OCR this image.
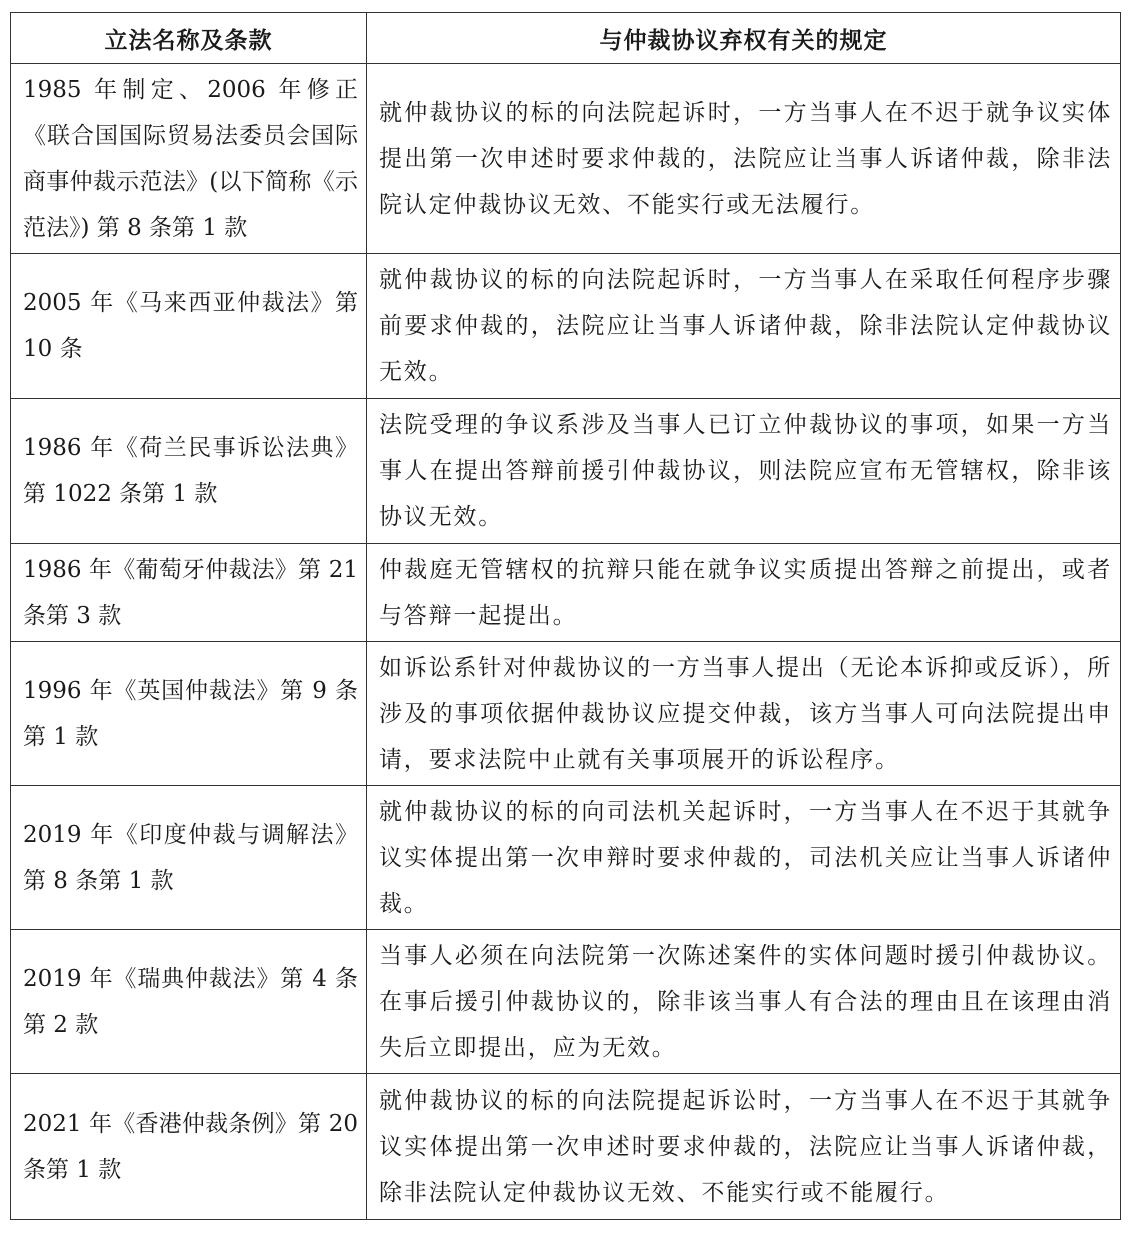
立法名称及条款	与仲裁协议弃权有关的规定
1985 年制定、2006 年修正《联合国国际贸易法委员会国际商事仲裁示范法》(以下简称《示范法》) 第 8 条第 1 款	就仲裁协议的标的向法院起诉时，一方当事人在不迟于就争议实体提出第一次申述时要求仲裁的，法院应让当事人诉诸仲裁，除非法院认定仲裁协议无效、不能实行或无法履行。
2005 年《马来西亚仲裁法》第 10 条	就仲裁协议的标的向法院起诉时，一方当事人在采取任何程序步骤前要求仲裁的，法院应让当事人诉诸仲裁，除非法院认定仲裁协议无效。
1986 年《荷兰民事诉讼法典》第 1022 条第 1 款	法院受理的争议系涉及当事人已订立仲裁协议的事项，如果一方当事人在提出答辩前援引仲裁协议，则法院应宣布无管辖权，除非该协议无效。
1986 年《葡萄牙仲裁法》第 21 条第 3 款	仲裁庭无管辖权的抗辩只能在就争议实质提出答辩之前提出，或者与答辩一起提出。
1996 年《英国仲裁法》第 9 条第 1 款	如诉讼系针对仲裁协议的一方当事人提出（无论本诉抑或反诉），所涉及的事项依据仲裁协议应提交仲裁，该方当事人可向法院提出申请，要求法院中止就有关事项展开的诉讼程序。
2019 年《印度仲裁与调解法》第 8 条第 1 款	就仲裁协议的标的向司法机关起诉时，一方当事人在不迟于其就争议实体提出第一次申辩时要求仲裁的，司法机关应让当事人诉诸仲裁。
2019 年《瑞典仲裁法》第 4 条第 2 款	当事人必须在向法院第一次陈述案件的实体问题时援引仲裁协议。在事后援引仲裁协议的，除非该当事人有合法的理由且在该理由消失后立即提出，应为无效。
2021 年《香港仲裁条例》第 20 条第 1 款	就仲裁协议的标的向法院提起诉讼时，一方当事人在不迟于其就争议实体提出第一次申述时要求仲裁的，法院应让当事人诉诸仲裁，除非法院认定仲裁协议无效、不能实行或不能履行。
